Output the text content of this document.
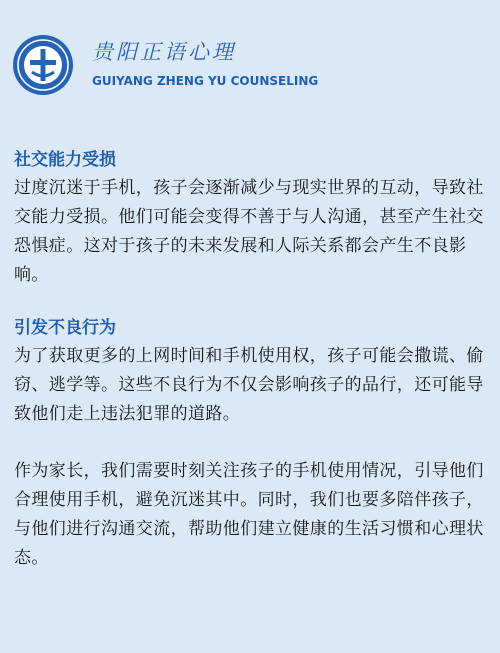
贵阳正语心理
GUIYANG ZHENG YU COUNSELING

社交能力受损

过度沉迷于手机，孩子会逐渐减少与现实世界的互动，导致社交能力受损。他们可能会变得不善于与人沟通，甚至产生社交恐惧症。这对于孩子的未来发展和人际关系都会产生不良影响。

引发不良行为

为了获取更多的上网时间和手机使用权，孩子可能会撒谎、偷窃、逃学等。这些不良行为不仅会影响孩子的品行，还可能导致他们走上违法犯罪的道路。

作为家长，我们需要时刻关注孩子的手机使用情况，引导他们合理使用手机，避免沉迷其中。同时，我们也要多陪伴孩子，与他们进行沟通交流，帮助他们建立健康的生活习惯和心理状态。
